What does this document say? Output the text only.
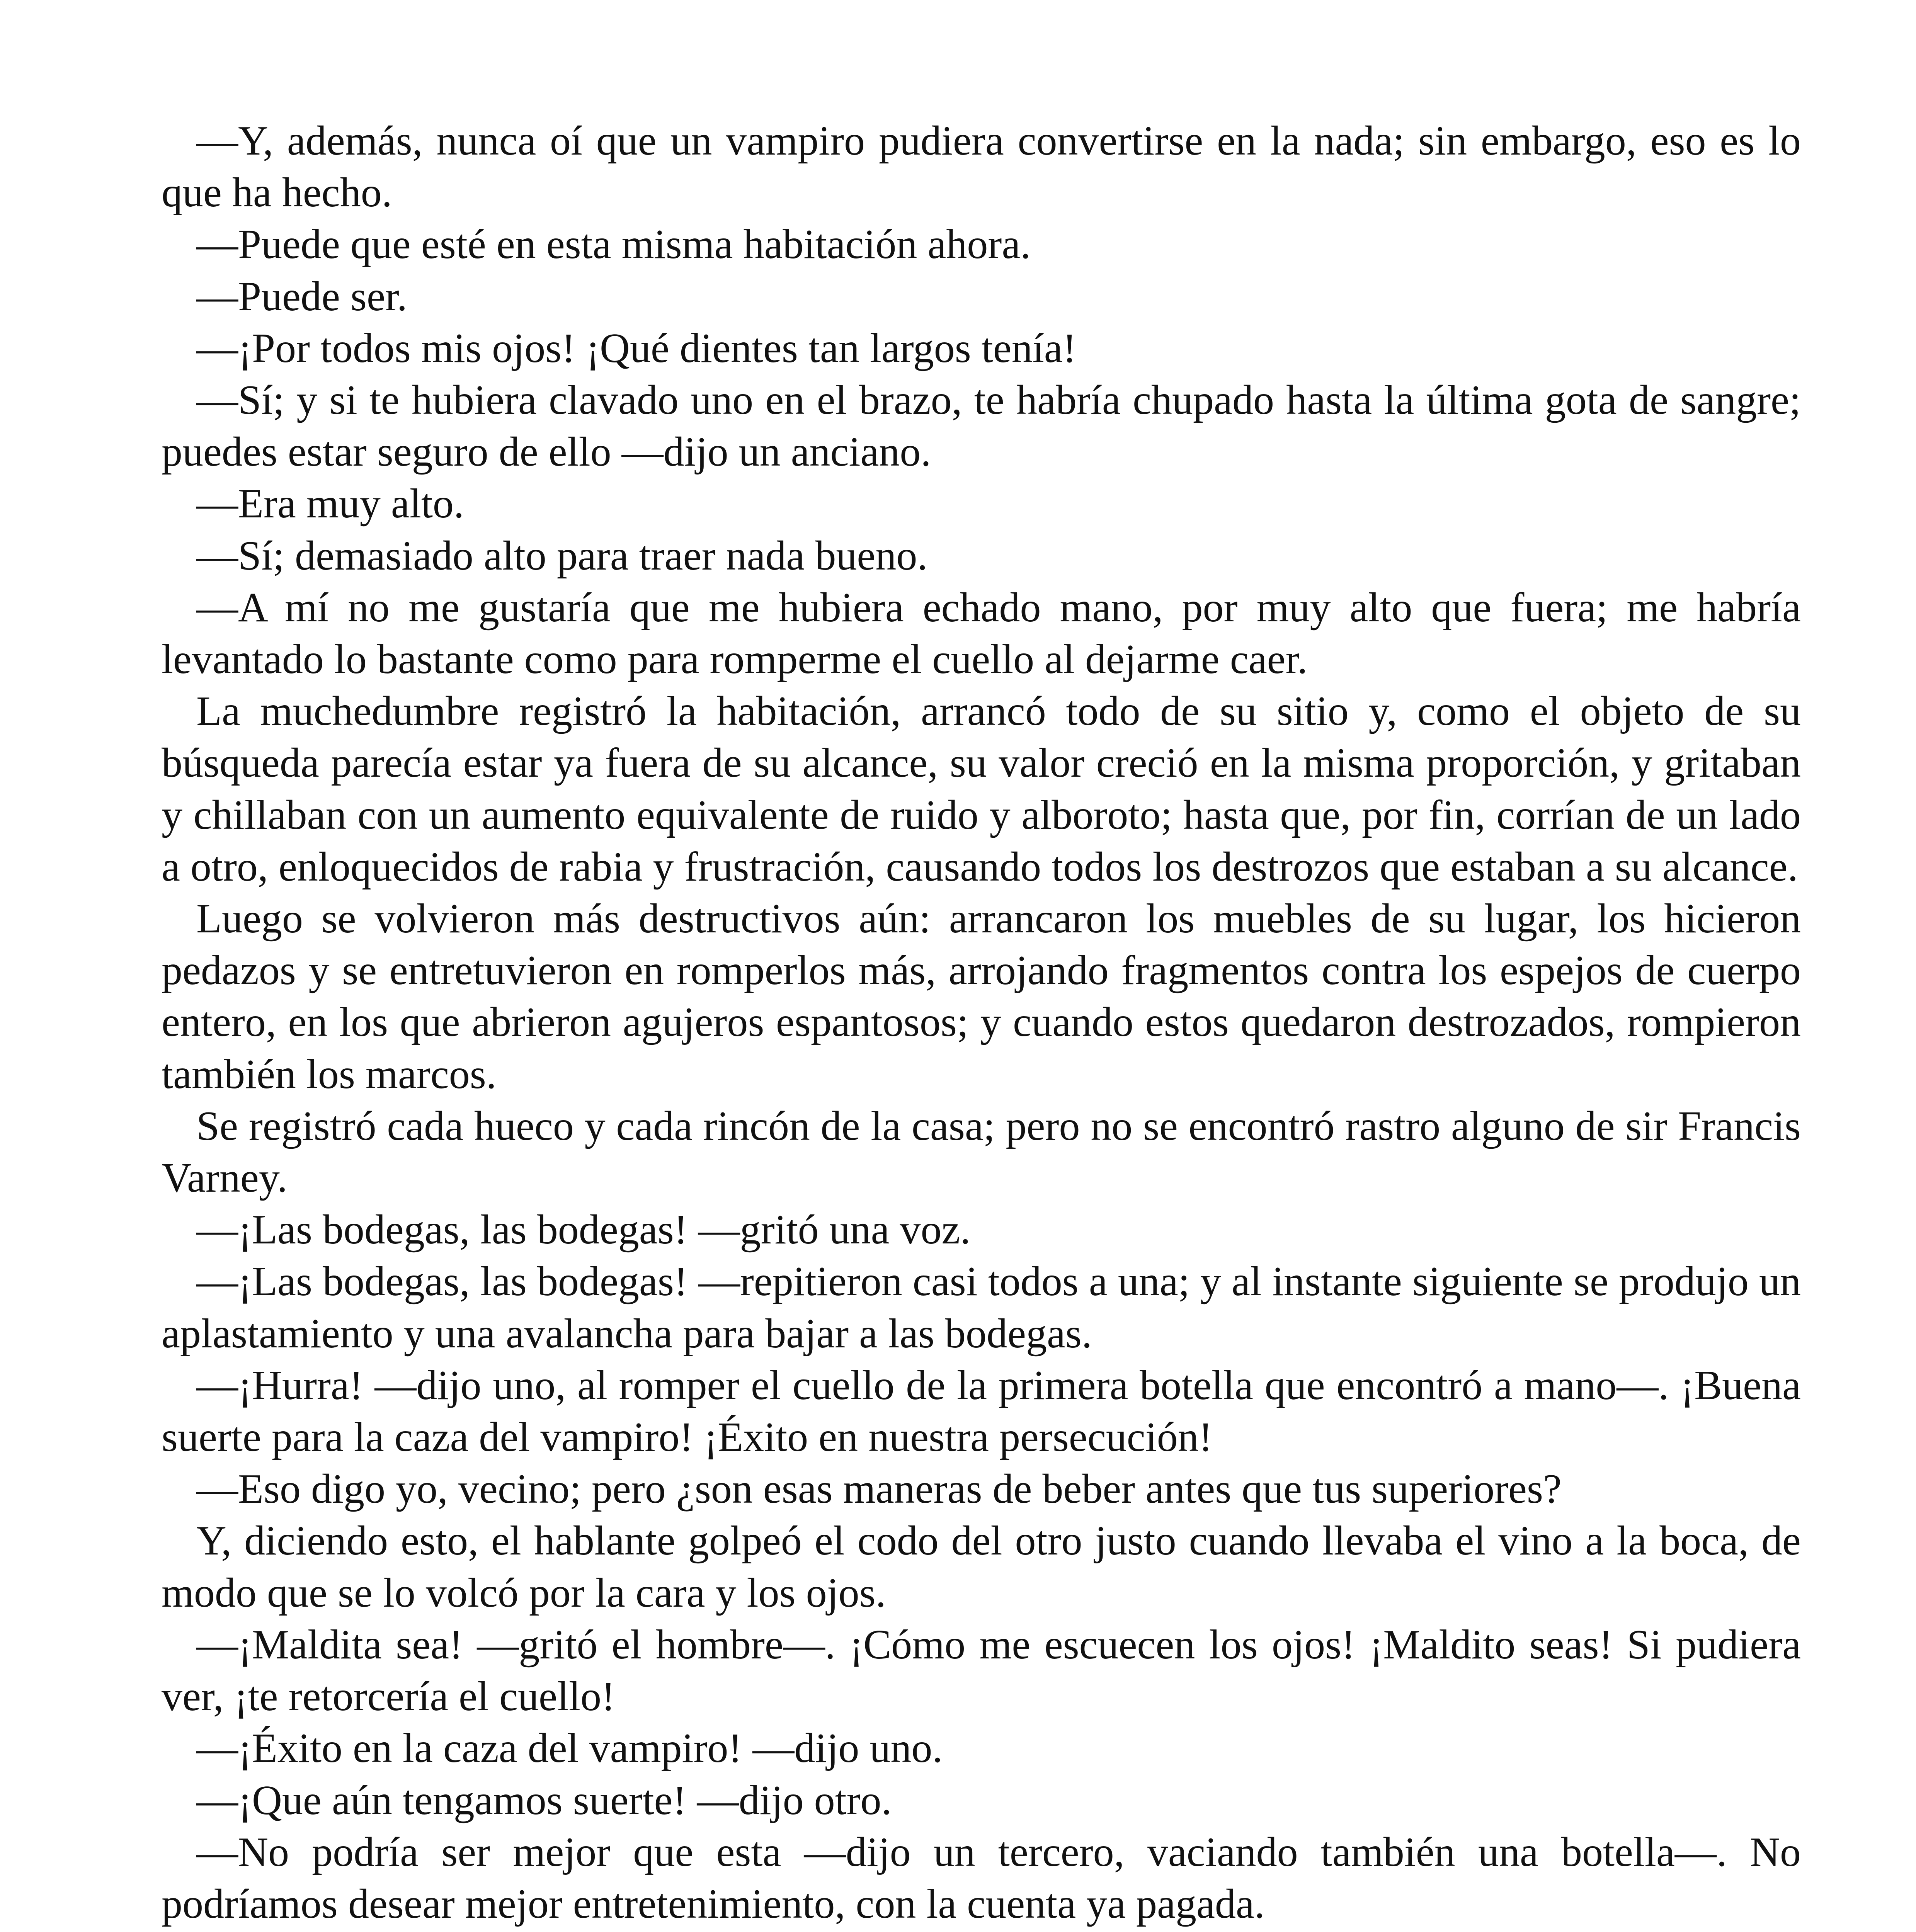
—Y, además, nunca oí que un vampiro pudiera convertirse en la nada; sin embargo, eso es lo que ha hecho.

—Puede que esté en esta misma habitación ahora.

—Puede ser.

—¡Por todos mis ojos! ¡Qué dientes tan largos tenía!

—Sí; y si te hubiera clavado uno en el brazo, te habría chupado hasta la última gota de sangre; puedes estar seguro de ello —dijo un anciano.

—Era muy alto.

—Sí; demasiado alto para traer nada bueno.

—A mí no me gustaría que me hubiera echado mano, por muy alto que fuera; me habría levantado lo bastante como para romperme el cuello al dejarme caer.

La muchedumbre registró la habitación, arrancó todo de su sitio y, como el objeto de su búsqueda parecía estar ya fuera de su alcance, su valor creció en la misma proporción, y gritaban y chillaban con un aumento equivalente de ruido y alboroto; hasta que, por fin, corrían de un lado a otro, enloquecidos de rabia y frustración, causando todos los destrozos que estaban a su alcance.

Luego se volvieron más destructivos aún: arrancaron los muebles de su lugar, los hicieron pedazos y se entretuvieron en romperlos más, arrojando fragmentos contra los espejos de cuerpo entero, en los que abrieron agujeros espantosos; y cuando estos quedaron destrozados, rompieron también los marcos.

Se registró cada hueco y cada rincón de la casa; pero no se encontró rastro alguno de sir Francis Varney.

—¡Las bodegas, las bodegas! —gritó una voz.

—¡Las bodegas, las bodegas! —repitieron casi todos a una; y al instante siguiente se produjo un aplastamiento y una avalancha para bajar a las bodegas.

—¡Hurra! —dijo uno, al romper el cuello de la primera botella que encontró a mano—. ¡Buena suerte para la caza del vampiro! ¡Éxito en nuestra persecución!

—Eso digo yo, vecino; pero ¿son esas maneras de beber antes que tus superiores?

Y, diciendo esto, el hablante golpeó el codo del otro justo cuando llevaba el vino a la boca, de modo que se lo volcó por la cara y los ojos.

—¡Maldita sea! —gritó el hombre—. ¡Cómo me escuecen los ojos! ¡Maldito seas! Si pudiera ver, ¡te retorcería el cuello!

—¡Éxito en la caza del vampiro! —dijo uno.

—¡Que aún tengamos suerte! —dijo otro.

—No podría ser mejor que esta —dijo un tercero, vaciando también una botella—. No podríamos desear mejor entretenimiento, con la cuenta ya pagada.
